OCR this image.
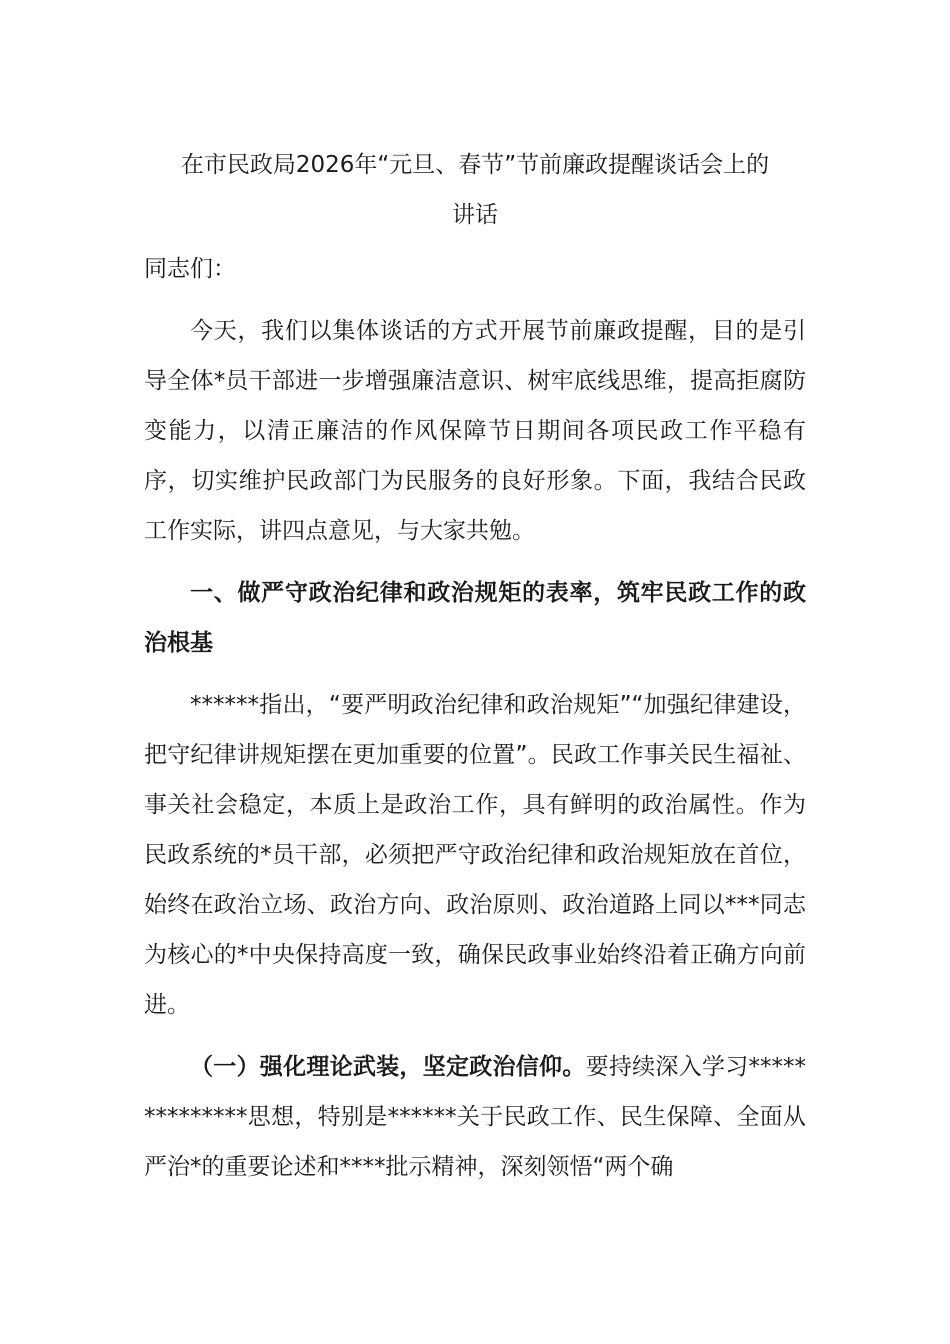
在市民政局2026年“元旦、春节”节前廉政提醒谈话会上的
讲话

同志们：

今天，我们以集体谈话的方式开展节前廉政提醒，目的是引导全体*员干部进一步增强廉洁意识、树牢底线思维，提高拒腐防变能力，以清正廉洁的作风保障节日期间各项民政工作平稳有序，切实维护民政部门为民服务的良好形象。下面，我结合民政工作实际，讲四点意见，与大家共勉。

一、做严守政治纪律和政治规矩的表率，筑牢民政工作的政治根基

******指出，“要严明政治纪律和政治规矩”“加强纪律建设，把守纪律讲规矩摆在更加重要的位置”。民政工作事关民生福祉、事关社会稳定，本质上是政治工作，具有鲜明的政治属性。作为民政系统的*员干部，必须把严守政治纪律和政治规矩放在首位，始终在政治立场、政治方向、政治原则、政治道路上同以***同志为核心的*中央保持高度一致，确保民政事业始终沿着正确方向前进。

（一）强化理论武装，坚定政治信仰。要持续深入学习**************思想，特别是******关于民政工作、民生保障、全面从严治*的重要论述和****批示精神，深刻领悟“两个确
